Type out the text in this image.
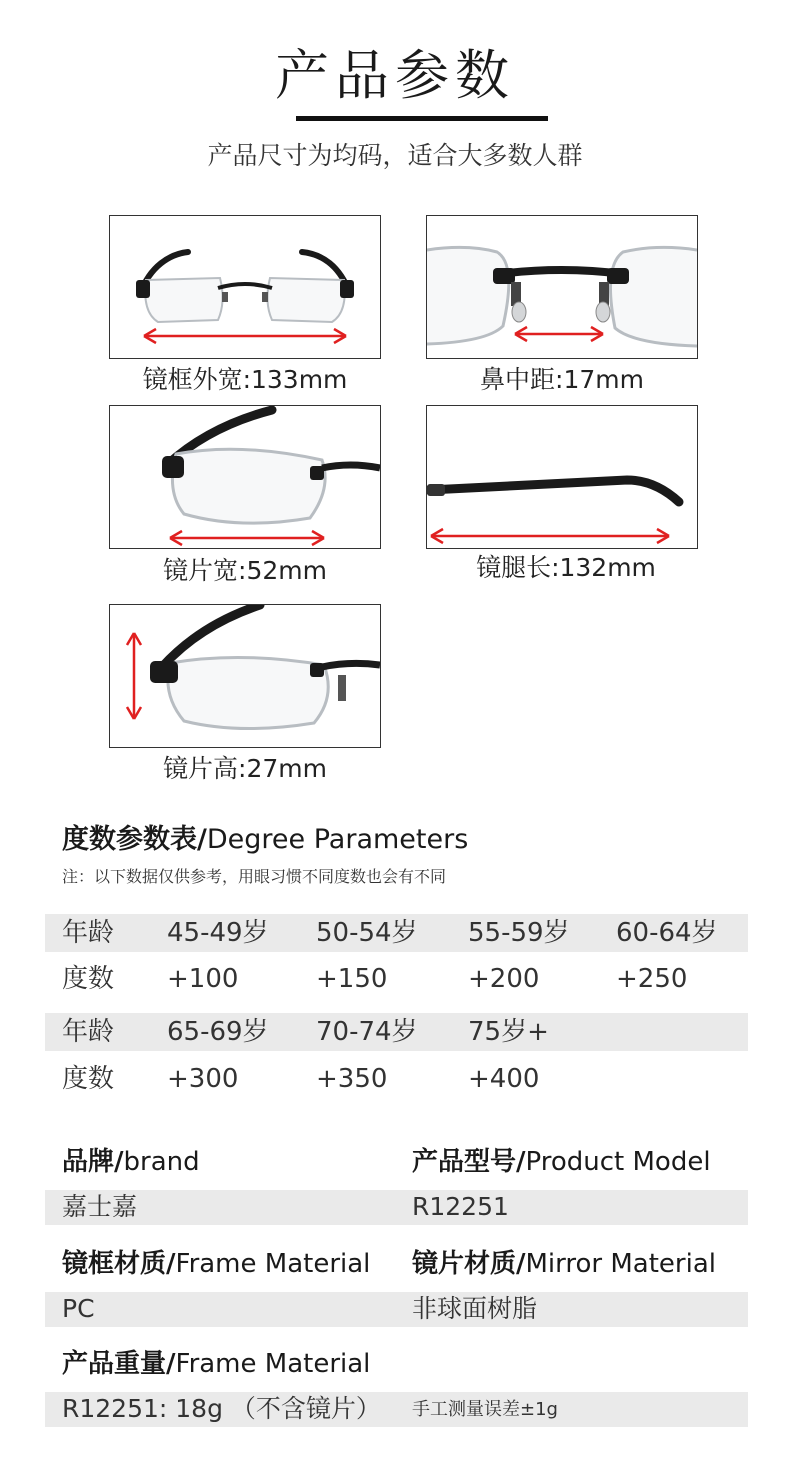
产品参数
产品尺寸为均码，适合大多数人群
镜框外宽:133mm	鼻中距:17mm
镜片宽:52mm	镜腿长:132mm
镜片高:27mm
度数参数表/Degree Parameters
注：以下数据仅供参考，用眼习惯不同度数也会有不同
年龄 45-49岁 50-54岁 55-59岁 60-64岁
度数 +100	+150	+200	+250
年龄 65-69岁 70-74岁 75岁+
度数 +300	+350	+400
品牌/brand	产品型号/Product Model
嘉士嘉	R12251
镜框材质/Frame Material 镜片材质/Mirror Material
PC	非球面树脂
产品重量/Frame Material
R12251: 18g （不含镜片） 手工测量误差±1g
